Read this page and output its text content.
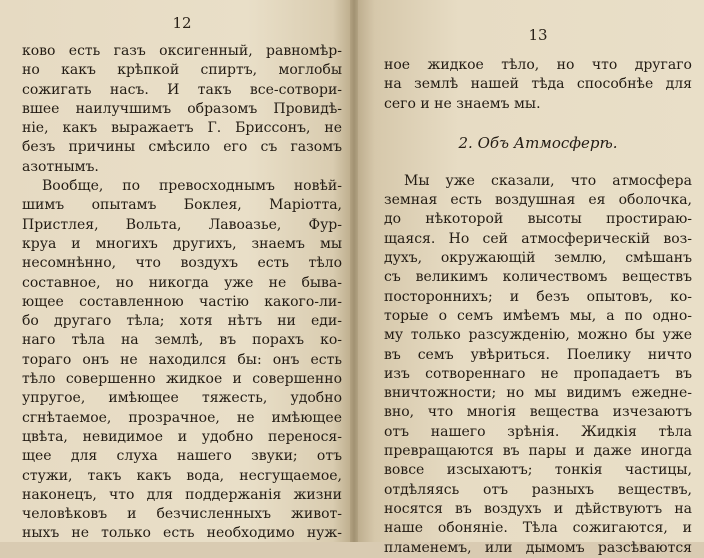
12
ково есть газъ оксигенный, равномѣр-
но какъ крѣпкой спиртъ, моглобы
сожигать насъ. И такъ все-сотвори-
вшее наилучшимъ образомъ Провидѣ-
ніе, какъ выражаетъ Г. Бриссонъ, не
безъ причины смѣсило его съ газомъ
азотнымъ.
Вообще, по превосходнымъ новѣй-
шимъ опытамъ Боклея, Маріотта,
Пристлея, Вольта, Лавоазье, Фур-
круа и многихъ другихъ, знаемъ мы
несомнѣнно, что воздухъ есть тѣло
составное, но никогда уже не быва-
ющее составленною частію какого-ли-
бо другаго тѣла; хотя нѣтъ ни еди-
наго тѣла на землѣ, въ порахъ ко-
тораго онъ не находился бы: онъ есть
тѣло совершенно жидкое и совершенно
упругое, имѣющее тяжесть, удобно
сгнѣтаемое, прозрачное, не имѣющее
цвѣта, невидимое и удобно перенося-
щее для слуха нашего звуки; отъ
стужи, такъ какъ вода, несгущаемое,
наконецъ, что для поддержанія жизни
человѣковъ и безчисленныхъ живот-
ныхъ не только есть необходимо нуж-
13
ное жидкое тѣло, но что другаго
на землѣ нашей тѣда способнѣе для
сего и не знаемъ мы.
2. Объ Атмосферѣ.
Мы уже сказали, что атмосфера
земная есть воздушная ея оболочка,
до нѣкоторой высоты простираю-
щаяся. Но сей атмосферическій воз-
духъ, окружающій землю, смѣшанъ
съ великимъ количествомъ веществъ
постороннихъ; и безъ опытовъ, ко-
торые о семъ имѣемъ мы, а по одно-
му только разсужденію, можно бы уже
въ семъ увѣриться. Поелику ничто
изъ сотвореннаго не пропадаетъ въ
вничтожности; но мы видимъ ежедне-
вно, что многія вещества изчезаютъ
отъ нашего зрѣнія. Жидкія тѣла
превращаются въ пары и даже иногда
вовсе изсыхаютъ; тонкія частицы,
отдѣляясь отъ разныхъ веществъ,
носятся въ воздухъ и дѣйствуютъ на
наше обоняніе. Тѣла сожигаются, и
пламенемъ, или дымомъ разсѣваются
